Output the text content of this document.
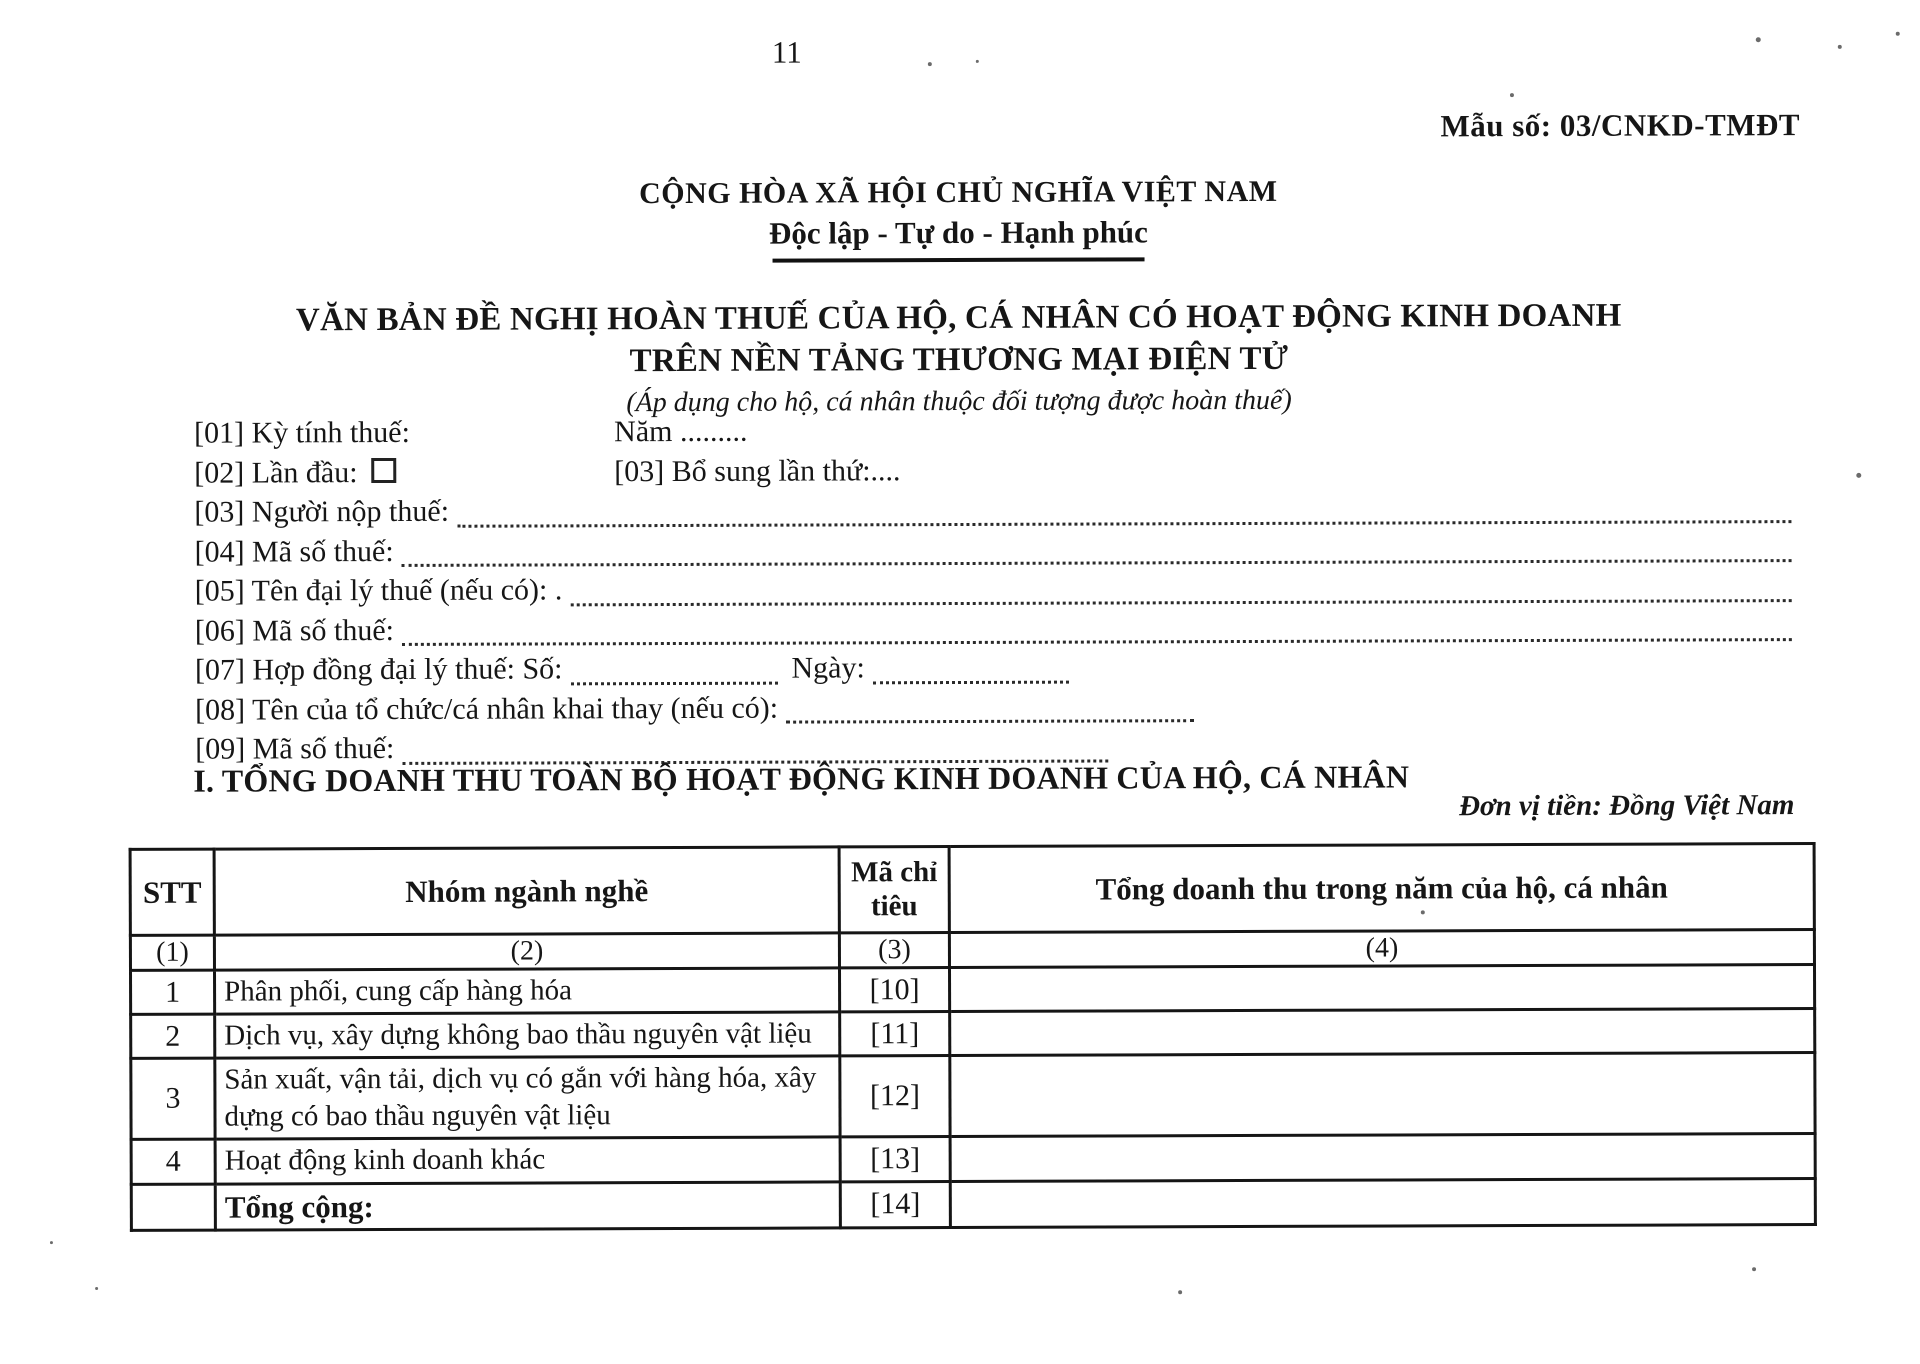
11
Mẫu số: 03/CNKD-TMĐT
CỘNG HÒA XÃ HỘI CHỦ NGHĨA VIỆT NAM
Độc lập - Tự do - Hạnh phúc
VĂN BẢN ĐỀ NGHỊ HOÀN THUẾ CỦA HỘ, CÁ NHÂN CÓ HOẠT ĐỘNG KINH DOANH
TRÊN NỀN TẢNG THƯƠNG MẠI ĐIỆN TỬ
(Áp dụng cho hộ, cá nhân thuộc đối tượng được hoàn thuế)
[01] Kỳ tính thuế:	Năm .........
[02] Lần đầu:	[03] Bổ sung lần thứ:....
[03] Người nộp thuế:
[04] Mã số thuế:
[05] Tên đại lý thuế (nếu có): .
[06] Mã số thuế:
[07] Hợp đồng đại lý thuế: Số:	Ngày:
[08] Tên của tổ chức/cá nhân khai thay (nếu có):
[09] Mã số thuế:
I. TỔNG DOANH THU TOÀN BỘ HOẠT ĐỘNG KINH DOANH CỦA HỘ, CÁ NHÂN
Đơn vị tiền: Đồng Việt Nam
STT	Nhóm ngành nghề	Mã chỉ tiêu	Tổng doanh thu trong năm của hộ, cá nhân
(1)	(2)	(3)	(4)
1	Phân phối, cung cấp hàng hóa	[10]	
2	Dịch vụ, xây dựng không bao thầu nguyên vật liệu	[11]	
3	Sản xuất, vận tải, dịch vụ có gắn với hàng hóa, xây dựng có bao thầu nguyên vật liệu	[12]	
4	Hoạt động kinh doanh khác	[13]	
	Tổng cộng:	[14]	
